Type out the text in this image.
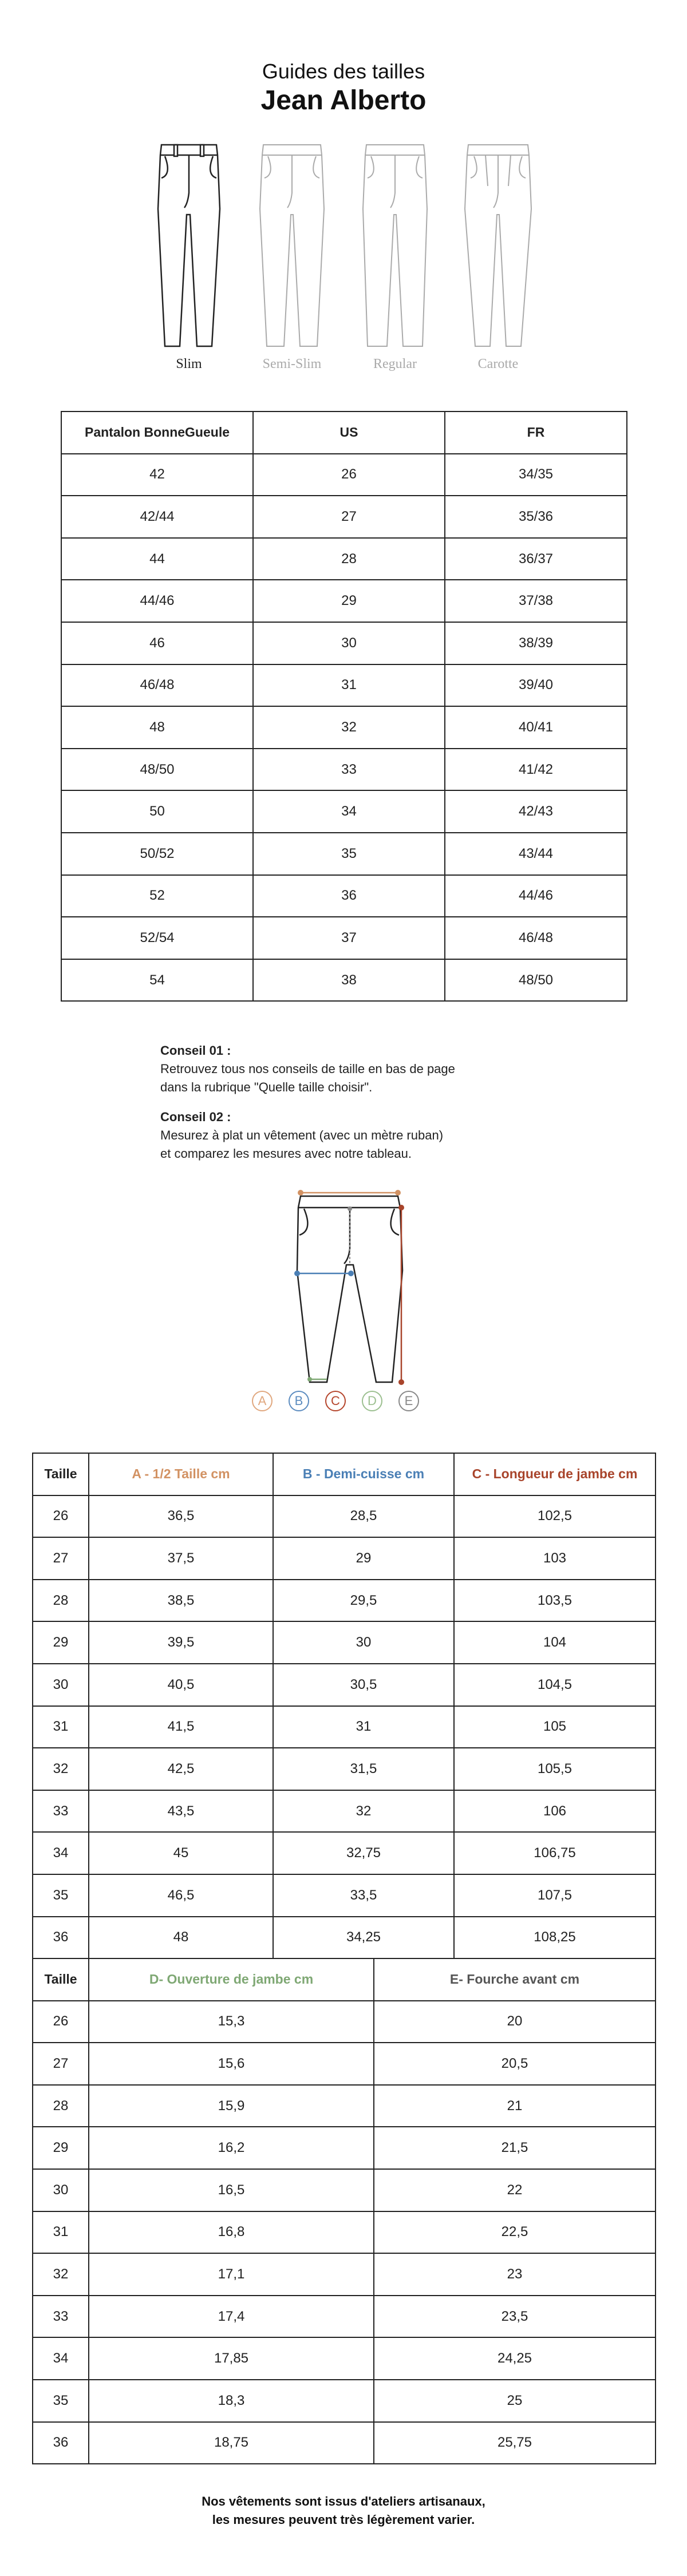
Guides des tailles
Jean Alberto
Slim	Semi-Slim	Regular	Carotte
Pantalon BonneGueule	US	FR
42	26	34/35
42/44	27	35/36
44	28	36/37
44/46	29	37/38
46	30	38/39
46/48	31	39/40
48	32	40/41
48/50	33	41/42
50	34	42/43
50/52	35	43/44
52	36	44/46
52/54	37	46/48
54	38	48/50

Conseil 01 :

Retrouvez tous nos conseils de taille en bas de page

dans la rubrique "Quelle taille choisir".

Conseil 02 :

Mesurez à plat un vêtement (avec un mètre ruban)

et comparez les mesures avec notre tableau.

A	B	C	D	E
Taille	A - 1/2 Taille cm	B - Demi-cuisse cm	C - Longueur de jambe cm
26	36,5	28,5	102,5
27	37,5	29	103
28	38,5	29,5	103,5
29	39,5	30	104
30	40,5	30,5	104,5
31	41,5	31	105
32	42,5	31,5	105,5
33	43,5	32	106
34	45	32,75	106,75
35	46,5	33,5	107,5
36	48	34,25	108,25
Taille	D- Ouverture de jambe cm	E- Fourche avant cm
26	15,3	20
27	15,6	20,5
28	15,9	21
29	16,2	21,5
30	16,5	22
31	16,8	22,5
32	17,1	23
33	17,4	23,5
34	17,85	24,25
35	18,3	25
36	18,75	25,75
Nos vêtements sont issus d'ateliers artisanaux,
les mesures peuvent très légèrement varier.
